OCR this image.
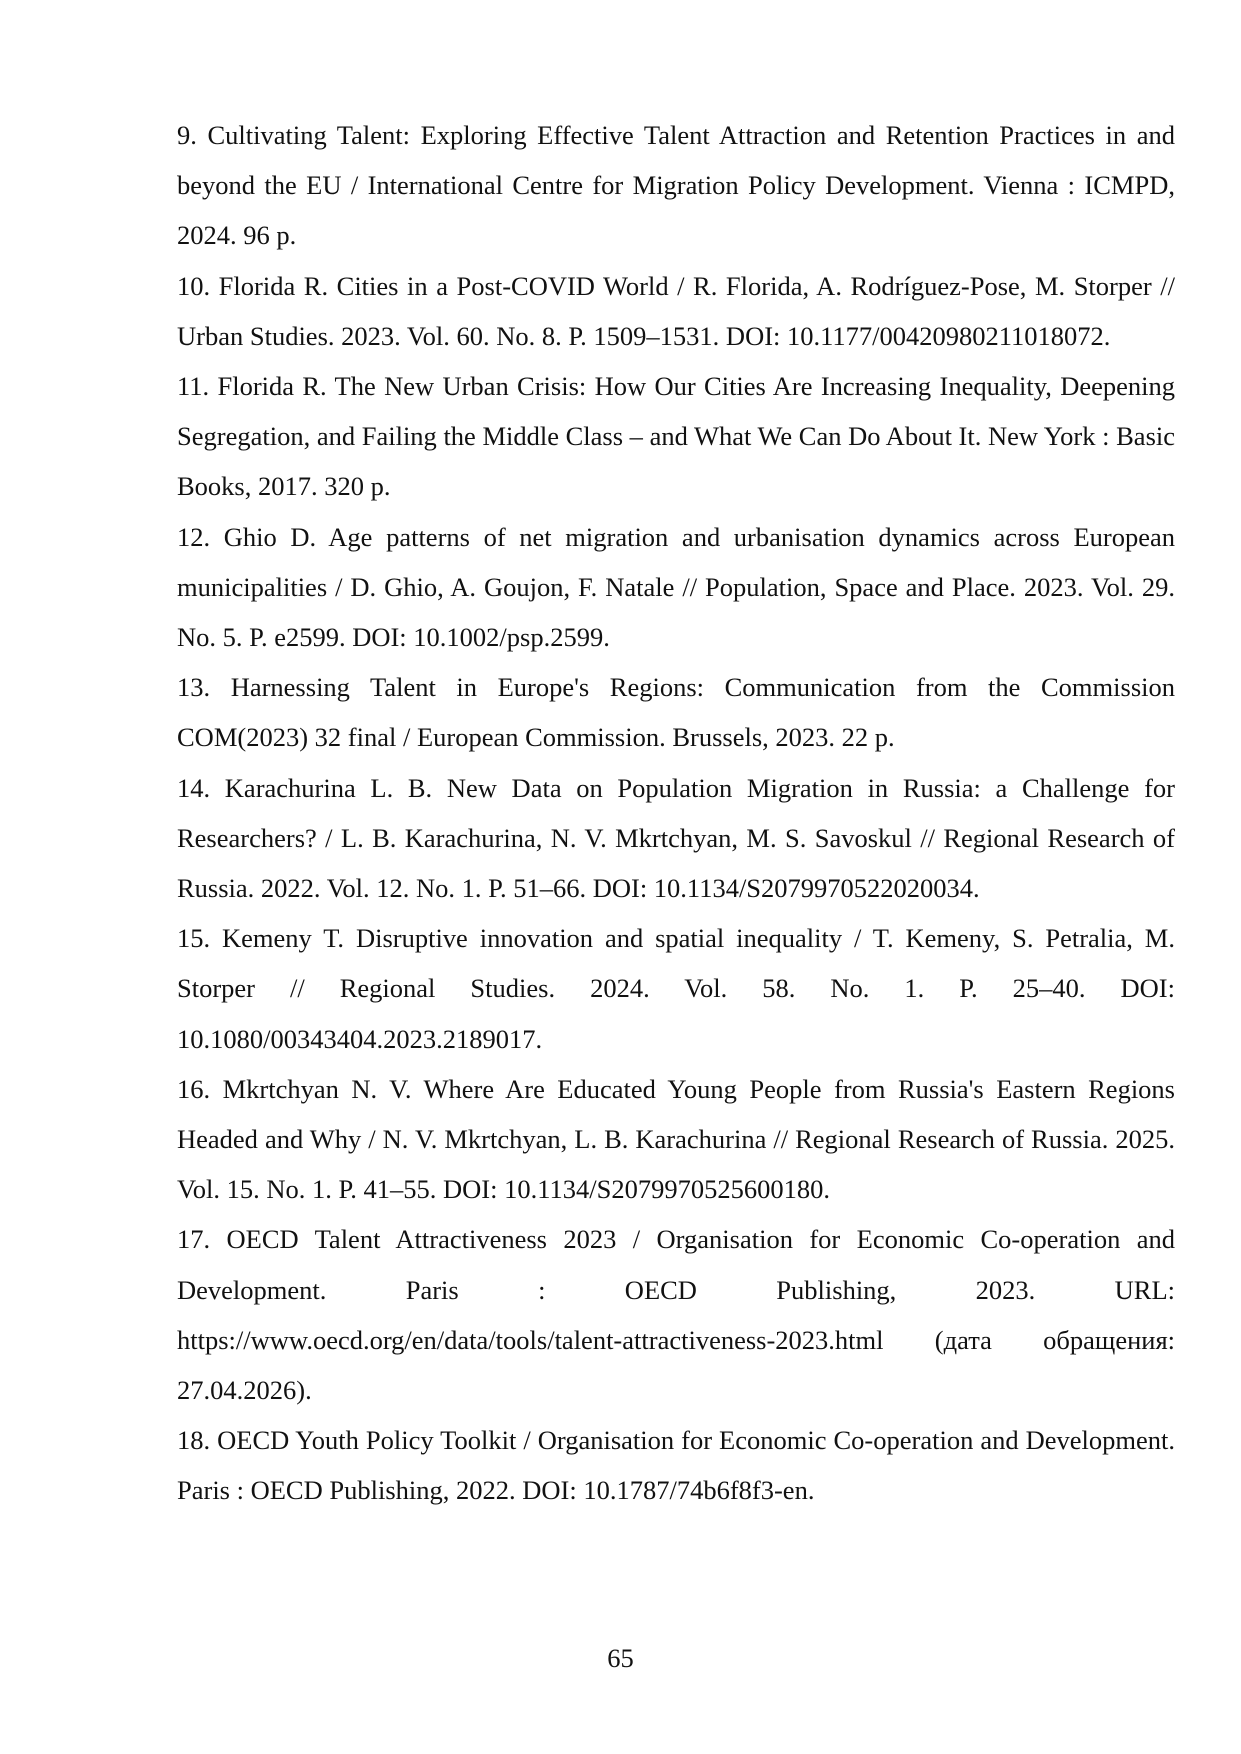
9. Cultivating Talent: Exploring Effective Talent Attraction and Retention Practices in and beyond the EU / International Centre for Migration Policy Development. Vienna : ICMPD, 2024. 96 p.
10. Florida R. Cities in a Post-COVID World / R. Florida, A. Rodríguez-Pose, M. Storper // Urban Studies. 2023. Vol. 60. No. 8. P. 1509–1531. DOI: 10.1177/00420980211018072.
11. Florida R. The New Urban Crisis: How Our Cities Are Increasing Inequality, Deepening Segregation, and Failing the Middle Class – and What We Can Do About It. New York : Basic Books, 2017. 320 p.
12. Ghio D. Age patterns of net migration and urbanisation dynamics across European municipalities / D. Ghio, A. Goujon, F. Natale // Population, Space and Place. 2023. Vol. 29. No. 5. P. e2599. DOI: 10.1002/psp.2599.
13. Harnessing Talent in Europe's Regions: Communication from the Commission COM(2023) 32 final / European Commission. Brussels, 2023. 22 p.
14. Karachurina L. B. New Data on Population Migration in Russia: a Challenge for Researchers? / L. B. Karachurina, N. V. Mkrtchyan, M. S. Savoskul // Regional Research of Russia. 2022. Vol. 12. No. 1. P. 51–66. DOI: 10.1134/S2079970522020034.
15. Kemeny T. Disruptive innovation and spatial inequality / T. Kemeny, S. Petralia, M. Storper // Regional Studies. 2024. Vol. 58. No. 1. P. 25–40. DOI: 10.1080/00343404.2023.2189017.
16. Mkrtchyan N. V. Where Are Educated Young People from Russia's Eastern Regions Headed and Why / N. V. Mkrtchyan, L. B. Karachurina // Regional Research of Russia. 2025. Vol. 15. No. 1. P. 41–55. DOI: 10.1134/S2079970525600180.
17. OECD Talent Attractiveness 2023 / Organisation for Economic Co-operation and Development. Paris : OECD Publishing, 2023. URL: https://www.oecd.org/en/data/tools/talent-attractiveness-2023.html (дата обращения: 27.04.2026).
18. OECD Youth Policy Toolkit / Organisation for Economic Co-operation and Development. Paris : OECD Publishing, 2022. DOI: 10.1787/74b6f8f3-en.
65
